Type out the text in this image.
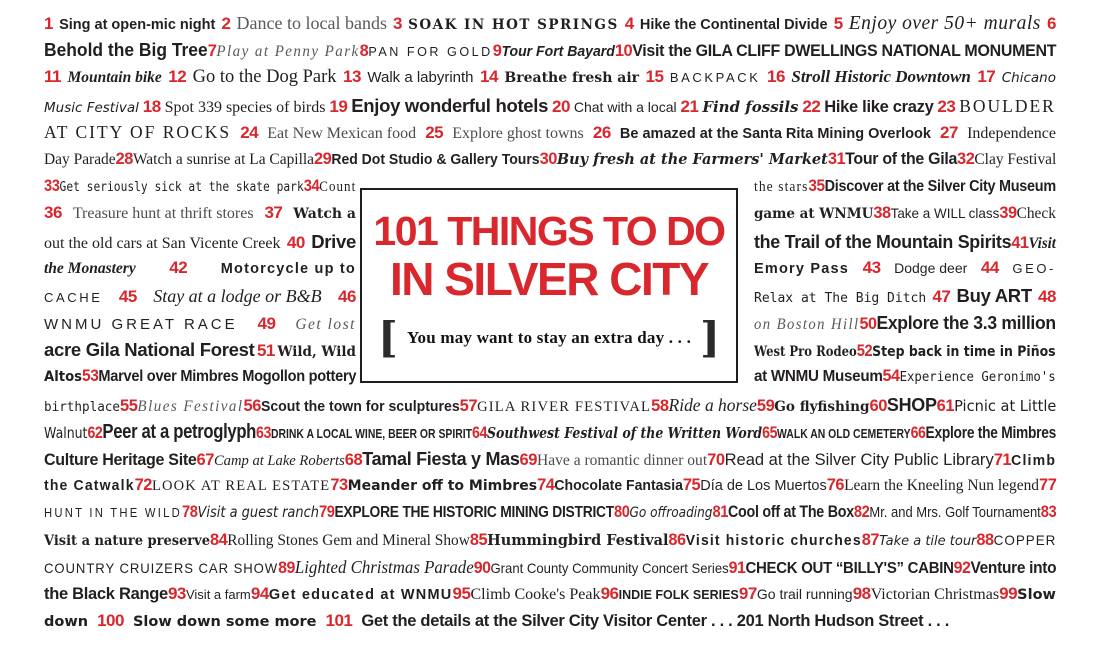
1 Sing at open-mic night 2 Dance to local bands 3 SOAK IN HOT SPRINGS 4 Hike the Continental Divide 5 Enjoy over 50+ murals 6
Behold the Big Tree 7 Play at Penny Park 8 PAN FOR GOLD 9 Tour Fort Bayard 10 Visit the GILA CLIFF DWELLINGS NATIONAL MONUMENT
11 Mountain bike 12 Go to the Dog Park 13 Walk a labyrinth 14 Breathe fresh air 15 BACKPACK 16 Stroll Historic Downtown 17 Chicano
Music Festival 18 Spot 339 species of birds 19 Enjoy wonderful hotels 20 Chat with a local 21 Find fossils 22 Hike like crazy 23 BOULDER
AT CITY OF ROCKS 24 Eat New Mexican food 25 Explore ghost towns 26 Be amazed at the Santa Rita Mining Overlook 27 Independence
Day Parade 28 Watch a sunrise at La Capilla 29 Red Dot Studio & Gallery Tours 30 Buy fresh at the Farmers' Market 31 Tour of the Gila 32 Clay Festival
33 Get seriously sick at the skate park 34 Count	the stars 35 Discover at the Silver City Museum
36 Treasure hunt at thrift stores 37 Watch a	game at WNMU 38 Take a WILL class 39 Check
out the old cars at San Vicente Creek 40 Drive	the Trail of the Mountain Spirits 41 Visit
the Monastery 42 Motorcycle up to	Emory Pass 43 Dodge deer 44 GEO-
CACHE 45 Stay at a lodge or B&B 46	Relax at The Big Ditch 47 Buy ART 48
WNMU GREAT RACE 49 Get lost	on Boston Hill 50 Explore the 3.3 million
acre Gila National Forest 51 Wild, Wild	West Pro Rodeo 52 Step back in time in Piños
Altos 53 Marvel over Mimbres Mogollon pottery	at WNMU Museum 54 Experience Geronimo's
birthplace 55 Blues Festival 56 Scout the town for sculptures 57 GILA RIVER FESTIVAL 58 Ride a horse 59 Go flyfishing 60 SHOP 61 Picnic at Little
Walnut 62 Peer at a petroglyph 63 DRINK A LOCAL WINE, BEER OR SPIRIT 64 Southwest Festival of the Written Word 65 WALK AN OLD CEMETERY 66 Explore the Mimbres
Culture Heritage Site 67 Camp at Lake Roberts 68 Tamal Fiesta y Mas 69 Have a romantic dinner out 70 Read at the Silver City Public Library 71 Climb
the Catwalk 72 LOOK AT REAL ESTATE 73 Meander off to Mimbres 74 Chocolate Fantasia 75 Día de Los Muertos 76 Learn the Kneeling Nun legend 77
HUNT IN THE WILD 78 Visit a guest ranch 79 EXPLORE THE HISTORIC MINING DISTRICT 80 Go offroading 81 Cool off at The Box 82 Mr. and Mrs. Golf Tournament 83
Visit a nature preserve 84 Rolling Stones Gem and Mineral Show 85 Hummingbird Festival 86 Visit historic churches 87 Take a tile tour 88 COPPER
COUNTRY CRUIZERS CAR SHOW 89 Lighted Christmas Parade 90 Grant County Community Concert Series 91 CHECK OUT “BILLY'S” CABIN 92 Venture into
the Black Range 93 Visit a farm 94 Get educated at WNMU 95 Climb Cooke's Peak 96 INDIE FOLK SERIES 97 Go trail running 98 Victorian Christmas 99 Slow
down 100 Slow down some more 101 Get the details at the Silver City Visitor Center . . . 201 North Hudson Street . . .
101 THINGS TO DO
IN SILVER CITY
[ You may want to stay an extra day . . . ]
